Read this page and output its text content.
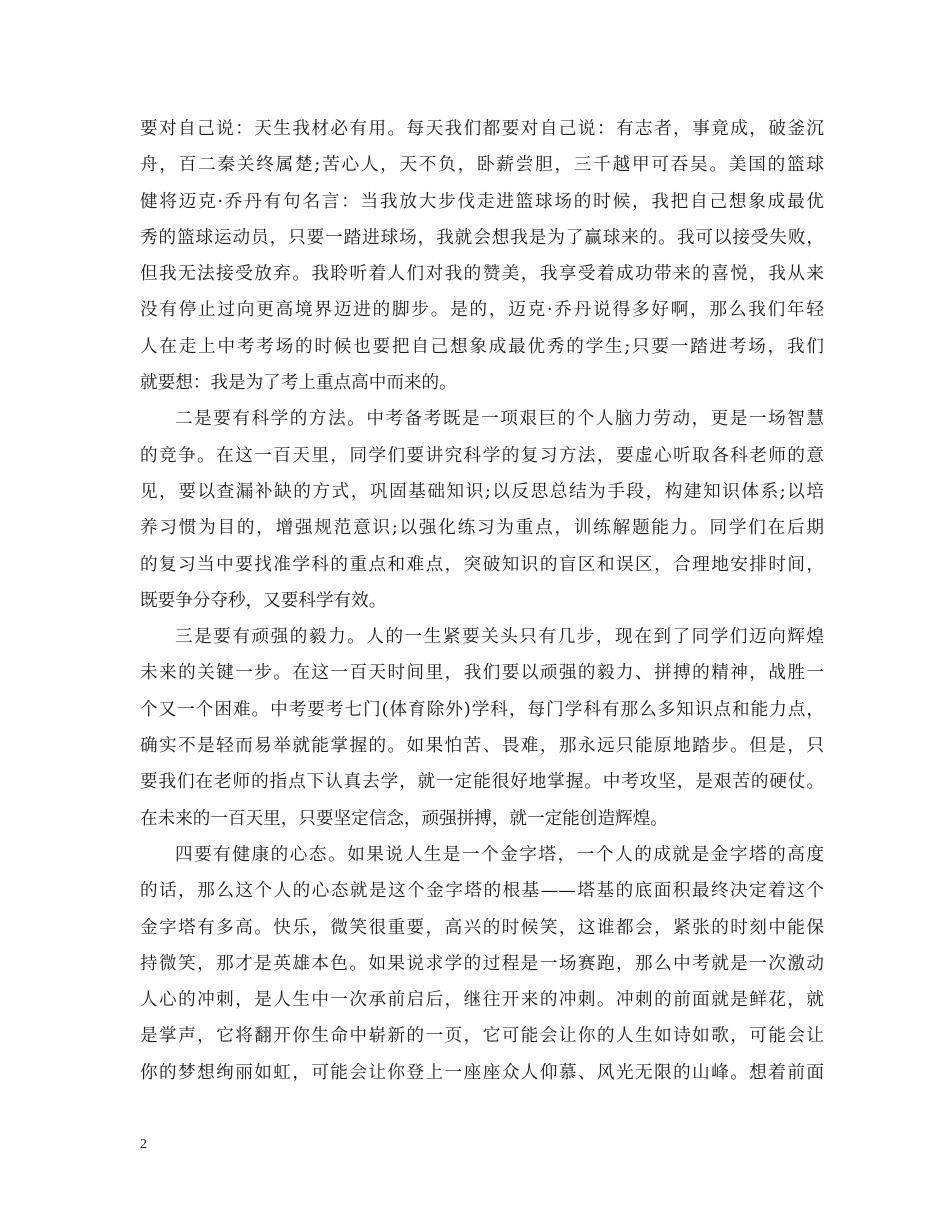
要对自己说：天生我材必有用。每天我们都要对自己说：有志者，事竟成，破釜沉
舟，百二秦关终属楚;苦心人，天不负，卧薪尝胆，三千越甲可吞吴。美国的篮球
健将迈克·乔丹有句名言：当我放大步伐走进篮球场的时候，我把自己想象成最优
秀的篮球运动员，只要一踏进球场，我就会想我是为了赢球来的。我可以接受失败，
但我无法接受放弃。我聆听着人们对我的赞美，我享受着成功带来的喜悦，我从来
没有停止过向更高境界迈进的脚步。是的，迈克·乔丹说得多好啊，那么我们年轻
人在走上中考考场的时候也要把自己想象成最优秀的学生;只要一踏进考场，我们
就要想：我是为了考上重点高中而来的。
二是要有科学的方法。中考备考既是一项艰巨的个人脑力劳动，更是一场智慧
的竞争。在这一百天里，同学们要讲究科学的复习方法，要虚心听取各科老师的意
见，要以查漏补缺的方式，巩固基础知识;以反思总结为手段，构建知识体系;以培
养习惯为目的，增强规范意识;以强化练习为重点，训练解题能力。同学们在后期
的复习当中要找准学科的重点和难点，突破知识的盲区和误区，合理地安排时间，
既要争分夺秒，又要科学有效。
三是要有顽强的毅力。人的一生紧要关头只有几步，现在到了同学们迈向辉煌
未来的关键一步。在这一百天时间里，我们要以顽强的毅力、拼搏的精神，战胜一
个又一个困难。中考要考七门(体育除外)学科，每门学科有那么多知识点和能力点，
确实不是轻而易举就能掌握的。如果怕苦、畏难，那永远只能原地踏步。但是，只
要我们在老师的指点下认真去学，就一定能很好地掌握。中考攻坚，是艰苦的硬仗。
在未来的一百天里，只要坚定信念，顽强拼搏，就一定能创造辉煌。
四要有健康的心态。如果说人生是一个金字塔，一个人的成就是金字塔的高度
的话，那么这个人的心态就是这个金字塔的根基——塔基的底面积最终决定着这个
金字塔有多高。快乐，微笑很重要，高兴的时候笑，这谁都会，紧张的时刻中能保
持微笑，那才是英雄本色。如果说求学的过程是一场赛跑，那么中考就是一次激动
人心的冲刺，是人生中一次承前启后，继往开来的冲刺。冲刺的前面就是鲜花，就
是掌声，它将翻开你生命中崭新的一页，它可能会让你的人生如诗如歌，可能会让
你的梦想绚丽如虹，可能会让你登上一座座众人仰慕、风光无限的山峰。想着前面
2
